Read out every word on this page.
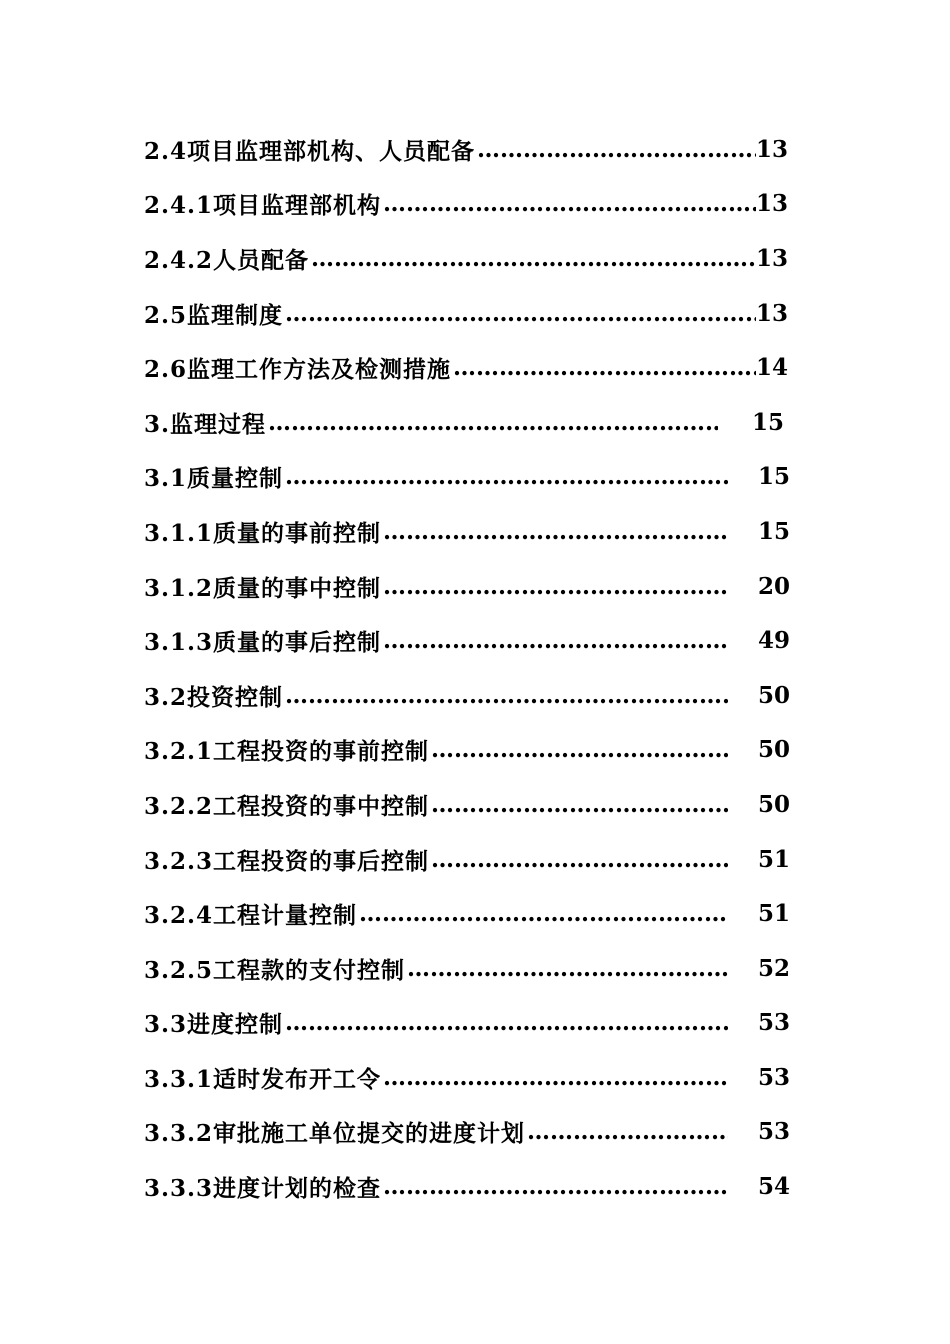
2.4项目监理部机构、人员配备 …………………………………………………………………………………………………………………………………………	13
2.4.1项目监理部机构 …………………………………………………………………………………………………………………………………………	13
2.4.2人员配备 …………………………………………………………………………………………………………………………………………	13
2.5监理制度 …………………………………………………………………………………………………………………………………………	13
2.6监理工作方法及检测措施 …………………………………………………………………………………………………………………………………………	14
3.监理过程 …………………………………………………………………………………………………………………………………………	15
3.1质量控制 …………………………………………………………………………………………………………………………………………	15
3.1.1质量的事前控制 …………………………………………………………………………………………………………………………………………	15
3.1.2质量的事中控制 …………………………………………………………………………………………………………………………………………	20
3.1.3质量的事后控制 …………………………………………………………………………………………………………………………………………	49
3.2投资控制 …………………………………………………………………………………………………………………………………………	50
3.2.1工程投资的事前控制 …………………………………………………………………………………………………………………………………………	50
3.2.2工程投资的事中控制 …………………………………………………………………………………………………………………………………………	50
3.2.3工程投资的事后控制 …………………………………………………………………………………………………………………………………………	51
3.2.4工程计量控制 …………………………………………………………………………………………………………………………………………	51
3.2.5工程款的支付控制 …………………………………………………………………………………………………………………………………………	52
3.3进度控制 …………………………………………………………………………………………………………………………………………	53
3.3.1适时发布开工令 …………………………………………………………………………………………………………………………………………	53
3.3.2审批施工单位提交的进度计划 …………………………………………………………………………………………………………………………………………	53
3.3.3进度计划的检查 …………………………………………………………………………………………………………………………………………	54
